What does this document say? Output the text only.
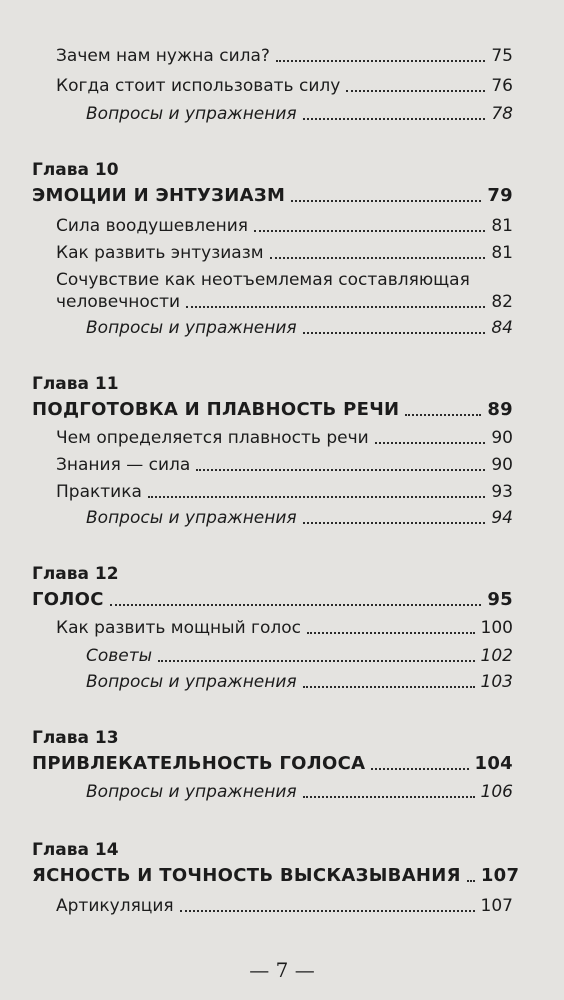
Зачем нам нужна сила?	75
Когда стоит использовать силу	76
Вопросы и упражнения	78
Глава 10
ЭМОЦИИ И ЭНТУЗИАЗМ	79
Сила воодушевления	81
Как развить энтузиазм	81
Сочувствие как неотъемлемая составляющая
человечности	82
Вопросы и упражнения	84
Глава 11
ПОДГОТОВКА И ПЛАВНОСТЬ РЕЧИ	89
Чем определяется плавность речи	90
Знания — сила	90
Практика	93
Вопросы и упражнения	94
Глава 12
ГОЛОС	95
Как развить мощный голос	100
Советы	102
Вопросы и упражнения	103
Глава 13
ПРИВЛЕКАТЕЛЬНОСТЬ ГОЛОСА	104
Вопросы и упражнения	106
Глава 14
ЯСНОСТЬ И ТОЧНОСТЬ ВЫСКАЗЫВАНИЯ 107
Артикуляция	107
— 7 —
